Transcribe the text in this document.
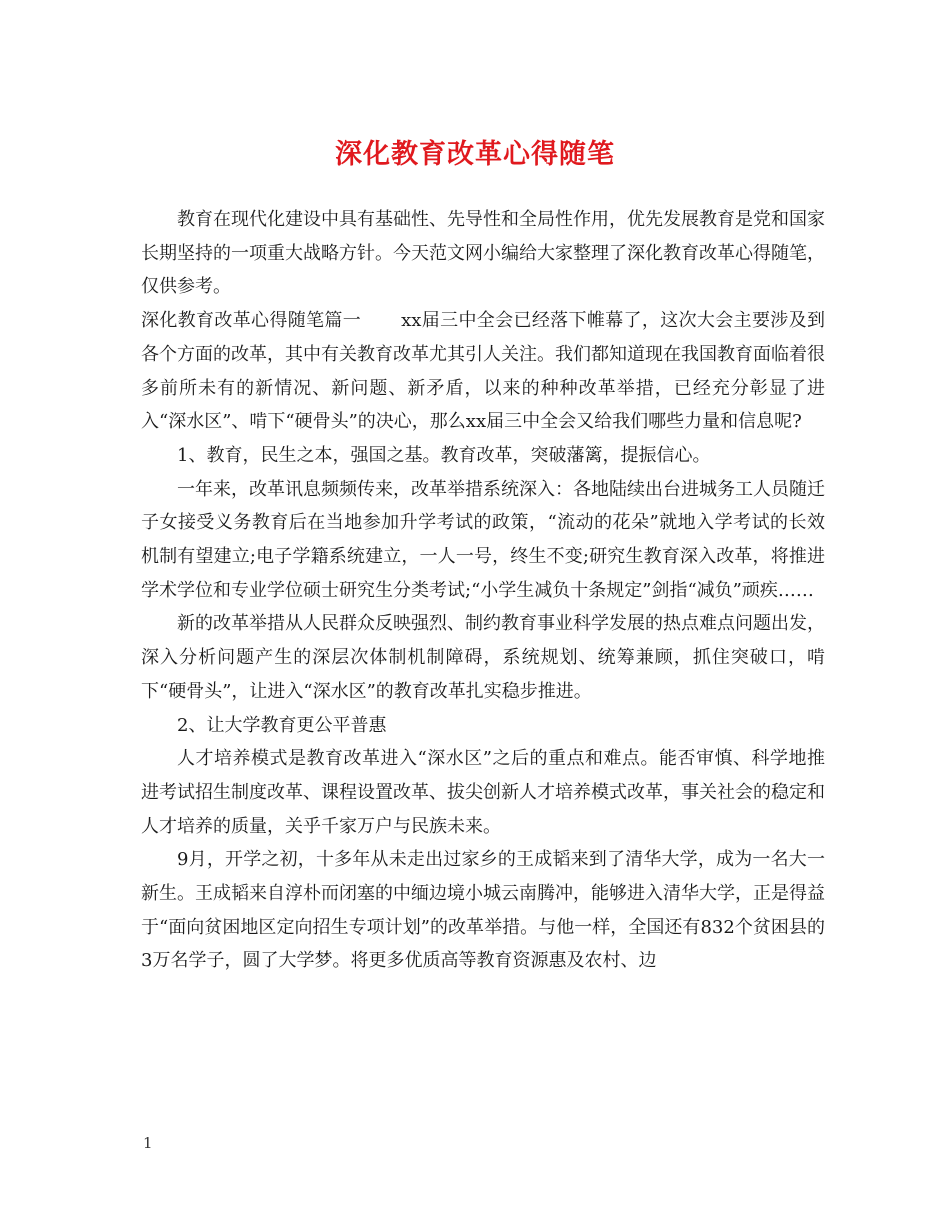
深化教育改革心得随笔

教育在现代化建设中具有基础性、先导性和全局性作用，优先发展教育是党和国家长期坚持的一项重大战略方针。今天范文网小编给大家整理了深化教育改革心得随笔，仅供参考。

深化教育改革心得随笔篇一 xx届三中全会已经落下帷幕了，这次大会主要涉及到各个方面的改革，其中有关教育改革尤其引人关注。我们都知道现在我国教育面临着很多前所未有的新情况、新问题、新矛盾，以来的种种改革举措，已经充分彰显了进入“深水区”、啃下“硬骨头”的决心，那么xx届三中全会又给我们哪些力量和信息呢?

1、教育，民生之本，强国之基。教育改革，突破藩篱，提振信心。

一年来，改革讯息频频传来，改革举措系统深入：各地陆续出台进城务工人员随迁子女接受义务教育后在当地参加升学考试的政策，“流动的花朵”就地入学考试的长效机制有望建立;电子学籍系统建立，一人一号，终生不变;研究生教育深入改革，将推进学术学位和专业学位硕士研究生分类考试;“小学生减负十条规定”剑指“减负”顽疾……

新的改革举措从人民群众反映强烈、制约教育事业科学发展的热点难点问题出发，深入分析问题产生的深层次体制机制障碍，系统规划、统筹兼顾，抓住突破口，啃下“硬骨头”，让进入“深水区”的教育改革扎实稳步推进。

2、让大学教育更公平普惠

人才培养模式是教育改革进入“深水区”之后的重点和难点。能否审慎、科学地推进考试招生制度改革、课程设置改革、拔尖创新人才培养模式改革，事关社会的稳定和人才培养的质量，关乎千家万户与民族未来。

9月，开学之初，十多年从未走出过家乡的王成韬来到了清华大学，成为一名大一新生。王成韬来自淳朴而闭塞的中缅边境小城云南腾冲，能够进入清华大学，正是得益于“面向贫困地区定向招生专项计划”的改革举措。与他一样，全国还有832个贫困县的3万名学子，圆了大学梦。将更多优质高等教育资源惠及农村、边

1
